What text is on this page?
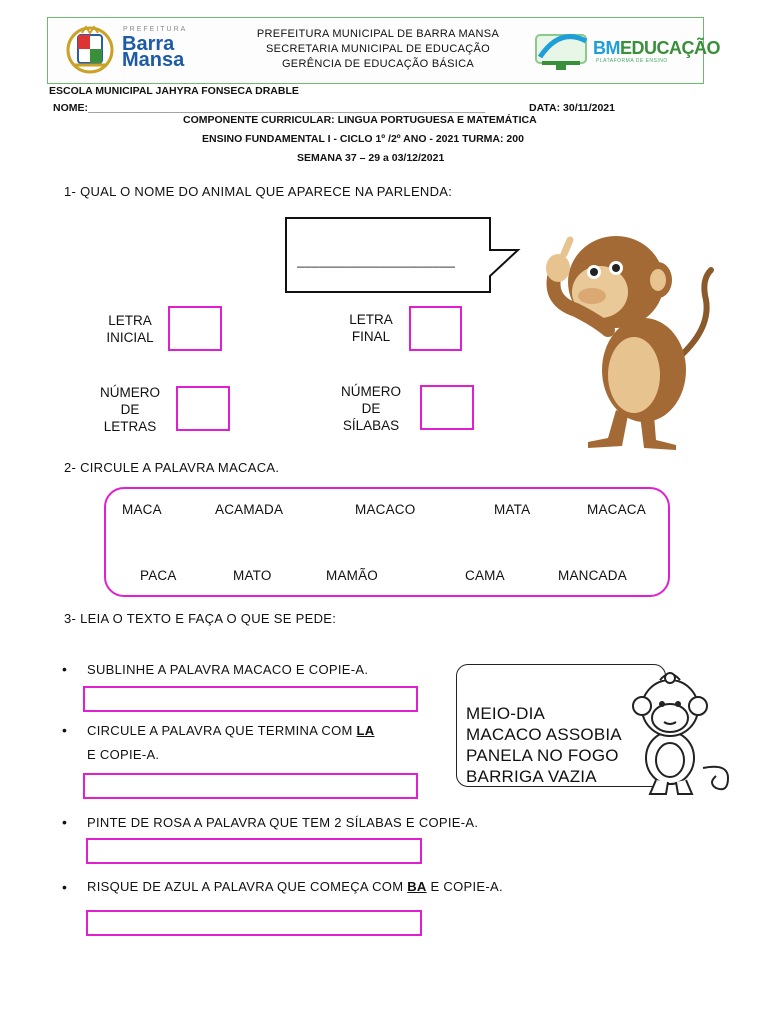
PREFEITURA MUNICIPAL DE BARRA MANSA
SECRETARIA MUNICIPAL DE EDUCAÇÃO
GERÊNCIA DE EDUCAÇÃO BÁSICA
PREFEITURA
Barra
Mansa
BMEDUCAÇÃO
PLATAFORMA DE ENSINO
ESCOLA MUNICIPAL JAHYRA FONSECA DRABLE
NOME:____________________________________________________________________	DATA: 30/11/2021
COMPONENTE CURRICULAR: LINGUA PORTUGUESA E MATEMÁTICA
ENSINO FUNDAMENTAL I - CICLO 1º /2º ANO - 2021 TURMA: 200
SEMANA 37 – 29 a 03/12/2021
1- QUAL O NOME DO ANIMAL QUE APARECE NA PARLENDA:
_____________________
LETRA
INICIAL
LETRA
FINAL
NÚMERO
DE
LETRAS
NÚMERO
DE
SÍLABAS
2- CIRCULE A PALAVRA MACACA.
MACA	ACAMADA	MACACO	MATA	MACACA
PACA	MATO	MAMÃO	CAMA	MANCADA
3- LEIA O TEXTO E FAÇA O QUE SE PEDE:
• SUBLINHE A PALAVRA MACACO E COPIE-A.
• CIRCULE A PALAVRA QUE TERMINA COM LA
E COPIE-A.
• PINTE DE ROSA A PALAVRA QUE TEM 2 SÍLABAS E COPIE-A.
• RISQUE DE AZUL A PALAVRA QUE COMEÇA COM BA E COPIE-A.
MEIO-DIA
MACACO ASSOBIA
PANELA NO FOGO
BARRIGA VAZIA
